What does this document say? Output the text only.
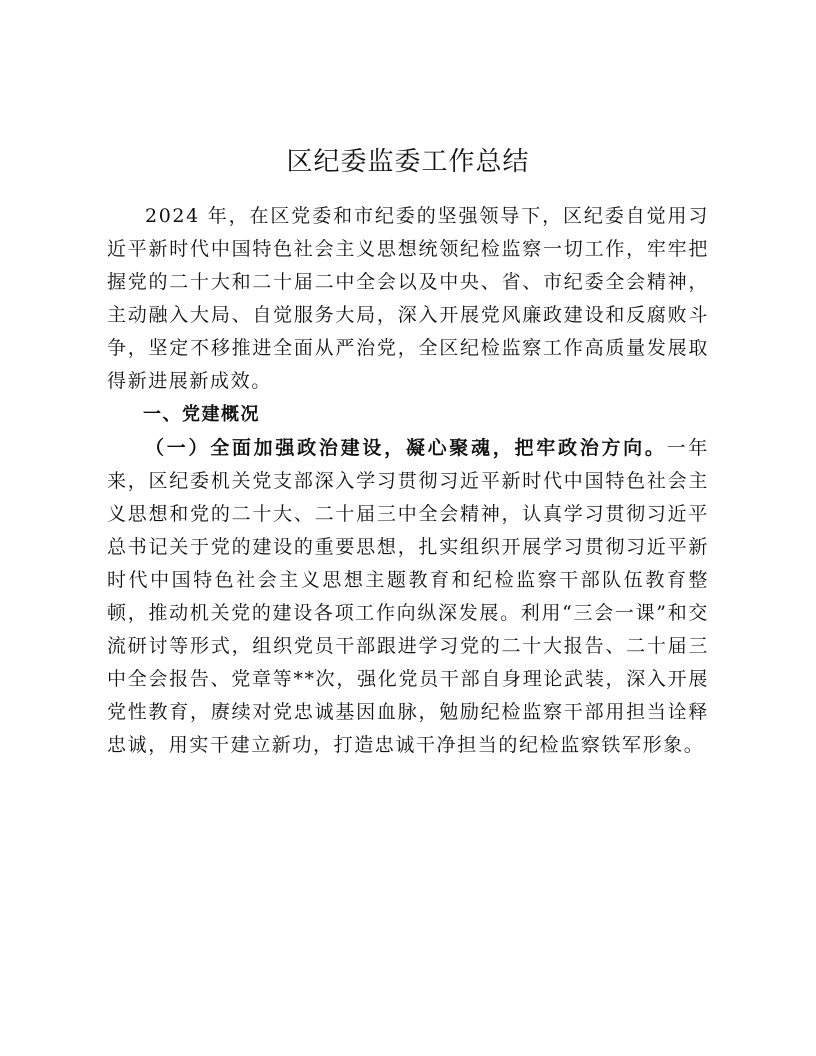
区纪委监委工作总结

2024 年，在区党委和市纪委的坚强领导下，区纪委自觉用习近平新时代中国特色社会主义思想统领纪检监察一切工作，牢牢把握党的二十大和二十届二中全会以及中央、省、市纪委全会精神，主动融入大局、自觉服务大局，深入开展党风廉政建设和反腐败斗争，坚定不移推进全面从严治党，全区纪检监察工作高质量发展取得新进展新成效。

一、党建概况

（一）全面加强政治建设，凝心聚魂，把牢政治方向。一年来，区纪委机关党支部深入学习贯彻习近平新时代中国特色社会主义思想和党的二十大、二十届三中全会精神，认真学习贯彻习近平总书记关于党的建设的重要思想，扎实组织开展学习贯彻习近平新时代中国特色社会主义思想主题教育和纪检监察干部队伍教育整顿，推动机关党的建设各项工作向纵深发展。利用“三会一课”和交流研讨等形式，组织党员干部跟进学习党的二十大报告、二十届三中全会报告、党章等**次，强化党员干部自身理论武装，深入开展党性教育，赓续对党忠诚基因血脉，勉励纪检监察干部用担当诠释忠诚，用实干建立新功，打造忠诚干净担当的纪检监察铁军形象。
